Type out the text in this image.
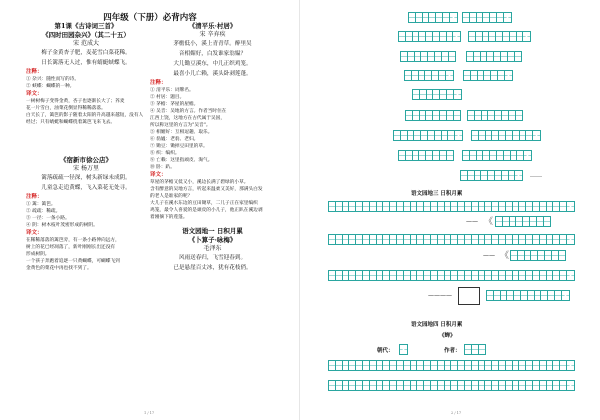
四年级（下册）必背内容
第1课《古诗词三首》
《四时田园杂兴》（其二十五）
宋 范成大
梅子金黄杏子肥，麦花雪白菜花稀。
日长篱落无人过，惟有蜻蜓蛱蝶飞。
注释：
① 杂兴：随性而写的诗。
② 蛱蝶：蝴蝶的一种。
译文：
一树树梅子变得金黄，杏子也逐渐长大了；荞麦
花一片雪白，油菜花倒显得稀稀落落。
白天长了，篱笆的影子随着太阳的升高越来越短，没有人
经过；只有蜻蜓和蝴蝶绕着篱笆飞来飞去。
《宿新市徐公店》
宋 杨万里
篱落疏疏一径深，树头新绿未成阴。
儿童急走追黄蝶，飞入菜花无处寻。
注释：
① 篱：篱笆。
② 疏疏：稀疏。
③ 一径：一条小路。
④ 阴：树木枝叶茂密形成的树阴。
译文：
在稀稀落落的篱笆旁，有一条小路伸向远方，
树上的花已经凋落了，新叶刚刚长出还没有
形成树阴。
一个孩子奔跑着追逐一只黄蝴蝶，可蝴蝶飞到
金黄色的菜花中再也找不到了。
《清平乐·村居》
宋 辛弃疾
茅檐低小，溪上青青草。醉里吴
音相媚好，白发谁家翁媪？
大儿锄豆溪东，中儿正织鸡笼。
最喜小儿亡赖，溪头卧剥莲蓬。
注释：
① 清平乐：词牌名。
② 村居：题目。
③ 茅檐：茅屋的屋檐。
④ 吴音：吴地的方言。作者当时住在
江西上饶，这地方在古代属于吴国，
所以称这里的方言为"吴音"。
⑤ 相媚好：互相逗趣、取乐。
⑥ 翁媪：老翁、老妇。
⑦ 锄豆：锄掉豆田里的草。
⑧ 织：编织。
⑨ 亡赖：这里指顽皮、淘气。
⑩ 卧：趴。
译文：
草屋的茅檐又低又小，溪边长满了碧绿的小草。
含有醉意的吴地方言，听起来温柔又美好，那满头白发
的老人是谁家的呢？
大儿子在溪水东边的豆田锄草，二儿子正在家里编织
鸡笼，最令人喜爱的是顽皮的小儿子，他正趴在溪边剥
着刚摘下的莲蓬。
语文园地一 日积月累
《卜算子·咏梅》
毛泽东
风雨送春归，飞雪迎春到。
已是悬崖百丈冰，犹有花枝俏。
1 / 17
……
语文园地三 日积月累
—— 《
—— 《
—— ——
语文园地四 日积月累
《蝉》
朝代：	作者：
2 / 17
